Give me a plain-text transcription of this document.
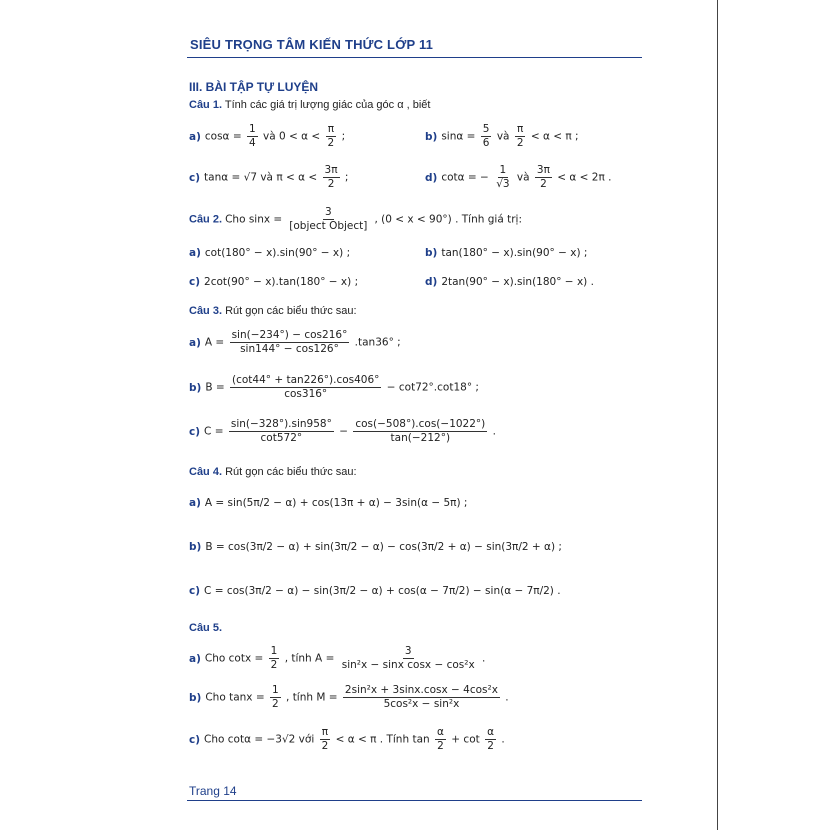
SIÊU TRỌNG TÂM KIẾN THỨC LỚP 11
III. BÀI TẬP TỰ LUYỆN
Câu 1. Tính các giá trị lượng giác của góc α , biết
a) $\cos\alpha = \frac{1}{4}$ và $0 < \alpha < \frac{\pi}{2}$ ;	b) $\sin\alpha = \frac{5}{6}$ và $\frac{\pi}{2} < \alpha < \pi$ ;
c) tanα = √7 và $\pi < \alpha < \frac{3\pi}{2}$ ;	d) cotα = − $\frac{1}{√3}$ và $\frac{3\pi}{2} < \alpha < 2\pi$ .
Câu 2. Cho $\sin x = \frac{3}{\text{[object Object]}}$ , (0 < x < 90°) . Tính giá trị:
a) cot(180° − x).sin(90° − x) ;	b) tan(180° − x).sin(90° − x) ;
c) 2cot(90° − x).tan(180° − x) ;	d) 2tan(90° − x).sin(180° − x) .
Câu 3. Rút gọn các biểu thức sau:
a) $A = \frac{\sin(-234^\circ) - \cos 216^\circ}{\sin 144^\circ - \cos 126^\circ} .\tan 36^\circ$ ;
b) $B = \frac{(\cot 44^\circ + \tan 226^\circ).\cos 406^\circ}{\cos 316^\circ} - \cot 72^\circ.\cot 18^\circ$ ;
c) $C = \frac{\sin(-328^\circ).\sin 958^\circ}{\cot 572^\circ} - \frac{\cos(-508^\circ).\cos(-1022^\circ)}{\tan(-212^\circ)}$ .
Câu 4. Rút gọn các biểu thức sau:
a) A = sin(5π/2 − α) + cos(13π + α) − 3sin(α − 5π) ;
b) B = cos(3π/2 − α) + sin(3π/2 − α) − cos(3π/2 + α) − sin(3π/2 + α) ;
c) C = cos(3π/2 − α) − sin(3π/2 − α) + cos(α − 7π/2) − sin(α − 7π/2) .
Câu 5.
a) Cho $\cot x = \frac{1}{2}$ , tính $A = \frac{3}{\text{sin²x − sinx cosx − cos²x}}$ .
b) Cho $\tan x = \frac{1}{2}$ , tính $M = \frac{\text{2sin²x + 3sinx.cosx − 4cos²x}}{\text{5cos²x − sin²x}}$ .
c) Cho cotα = −3√2 với $\frac{\pi}{2} < \alpha < \pi$ . Tính $\tan \frac{\alpha}{2} + \cot \frac{\alpha}{2}$ .
Trang 14
